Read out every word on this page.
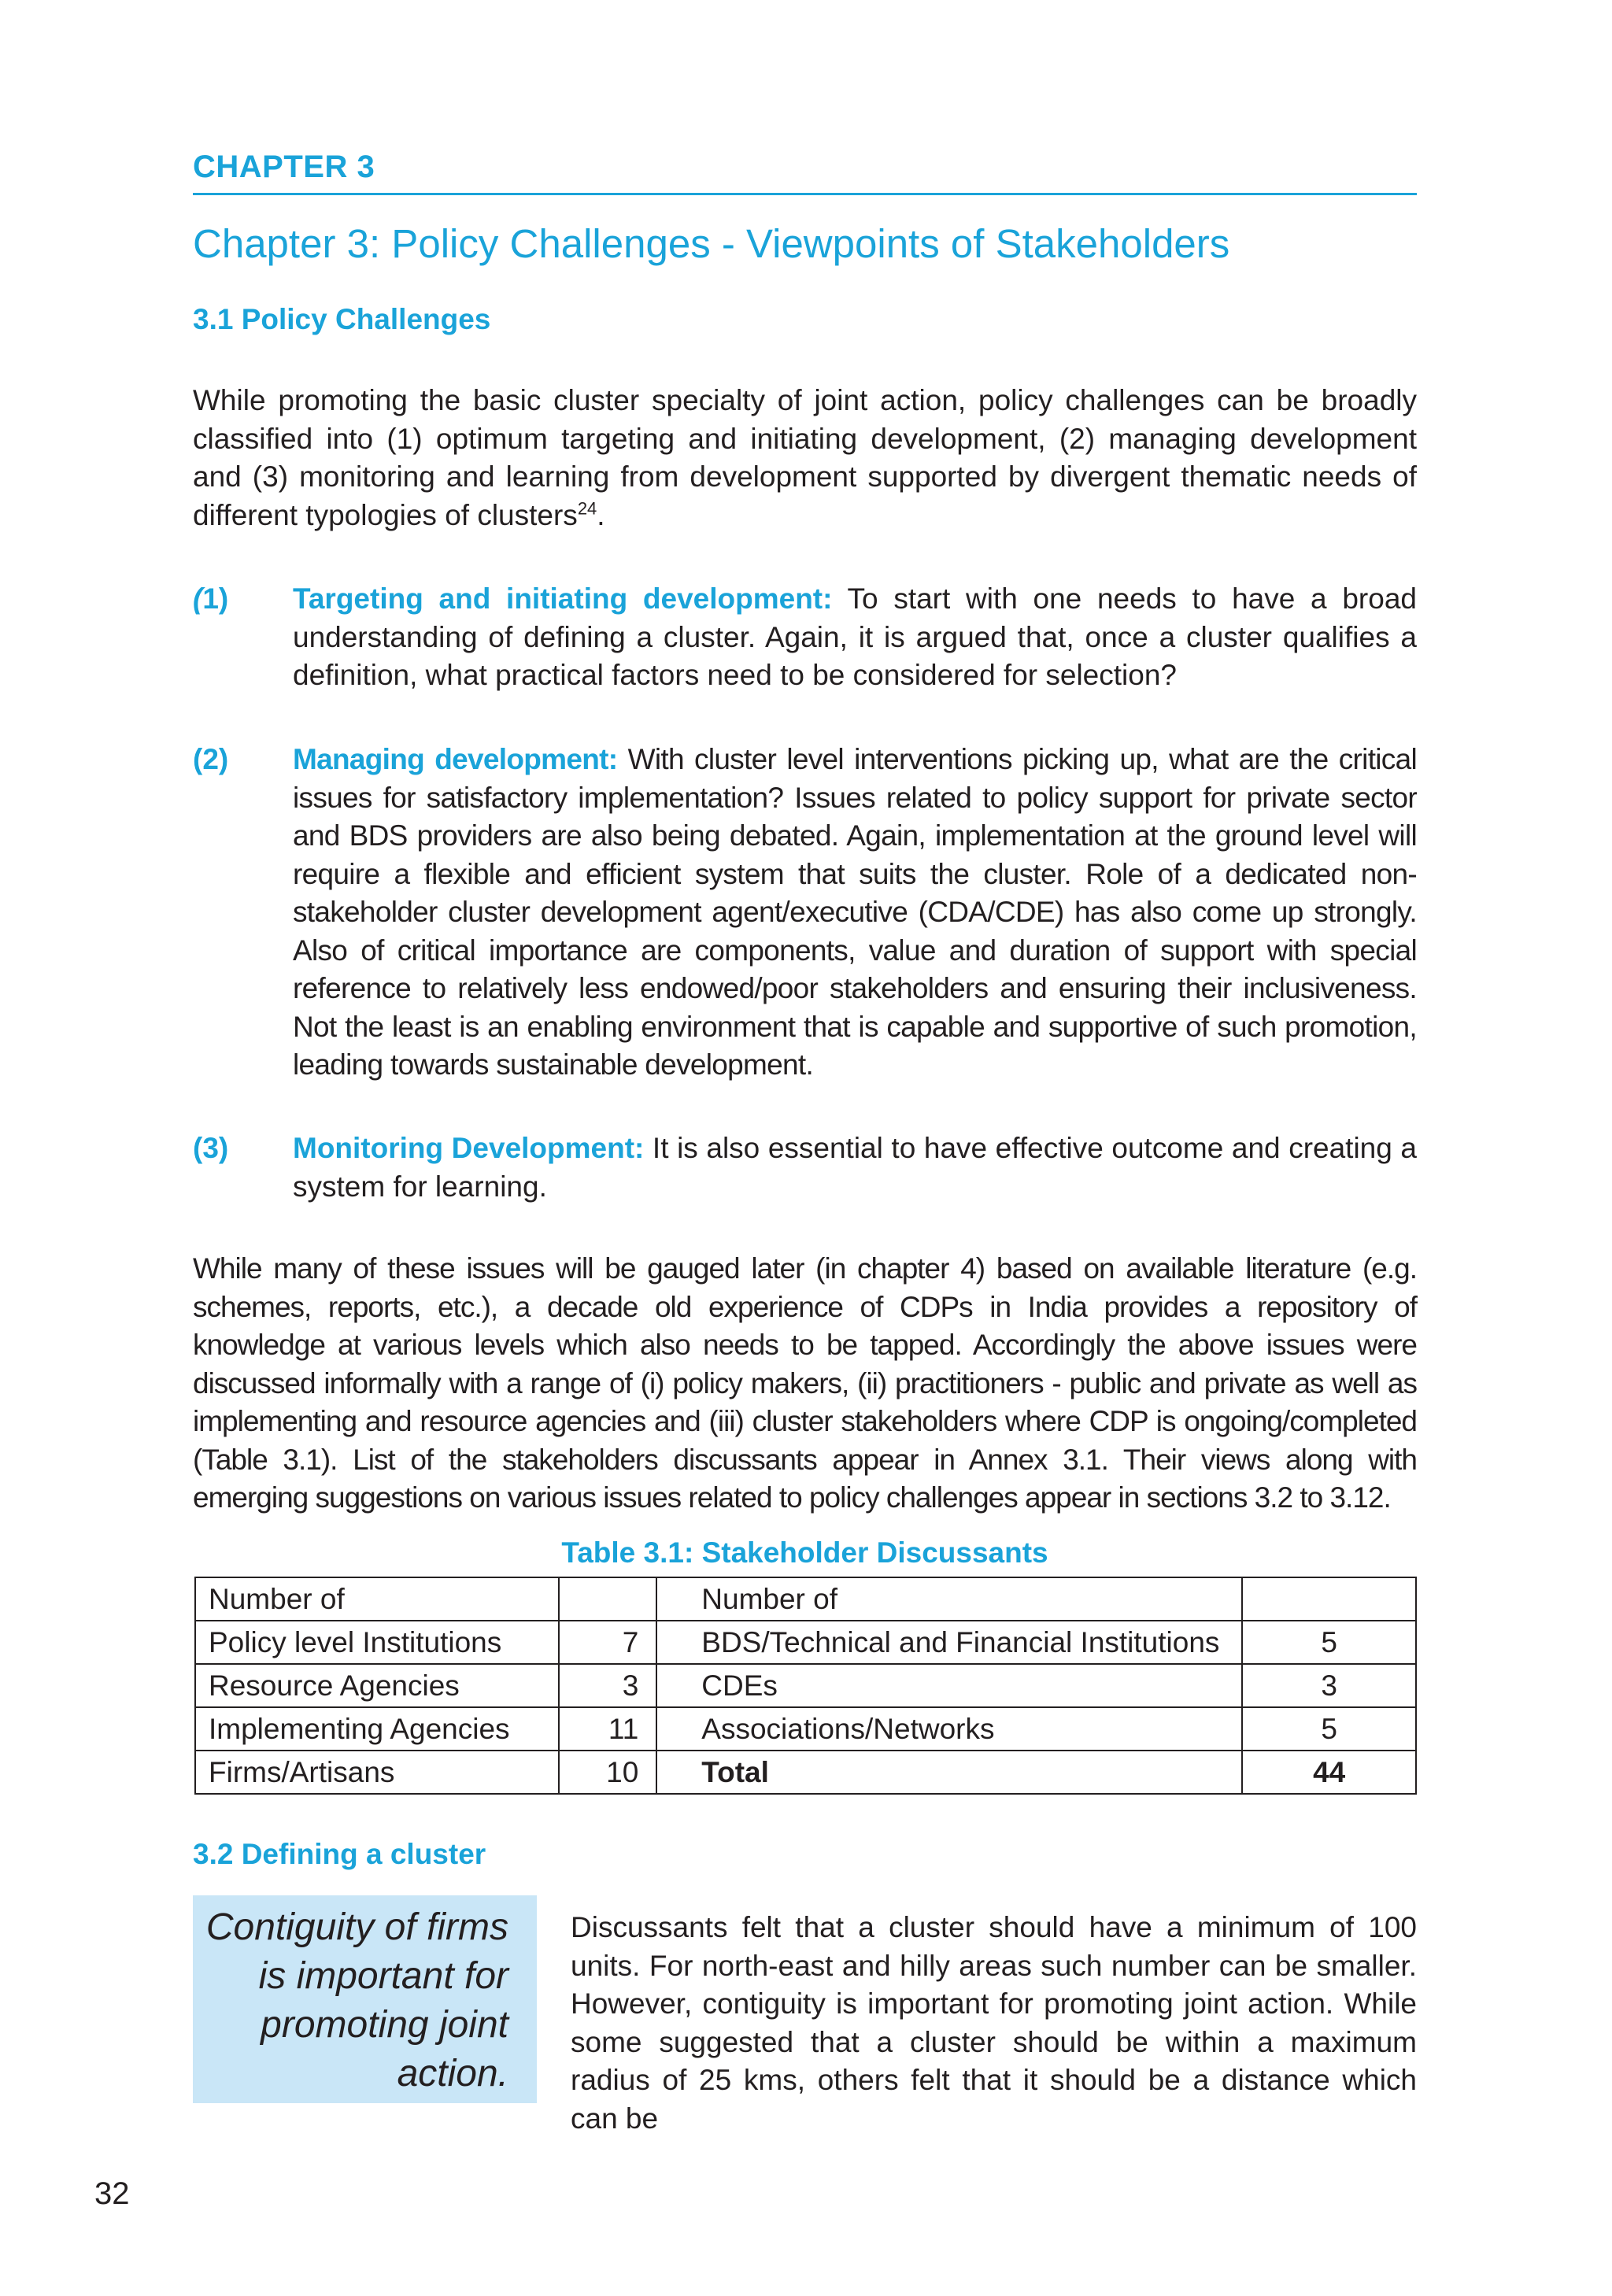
CHAPTER 3
Chapter 3: Policy Challenges - Viewpoints of Stakeholders
3.1 Policy Challenges

While promoting the basic cluster specialty of joint action, policy challenges can be broadly classified into (1) optimum targeting and initiating development, (2) managing development and (3) monitoring and learning from development supported by divergent thematic needs of different typologies of clusters$^{24}$.

(1) Targeting and initiating development: To start with one needs to have a broad understanding of defining a cluster. Again, it is argued that, once a cluster qualifies a definition, what practical factors need to be considered for selection?

(2) Managing development: With cluster level interventions picking up, what are the critical issues for satisfactory implementation? Issues related to policy support for private sector and BDS providers are also being debated. Again, implementation at the ground level will require a flexible and efficient system that suits the cluster. Role of a dedicated non-stakeholder cluster development agent/executive (CDA/CDE) has also come up strongly. Also of critical importance are components, value and duration of support with special reference to relatively less endowed/poor stakeholders and ensuring their inclusiveness. Not the least is an enabling environment that is capable and supportive of such promotion, leading towards sustainable development.

(3) Monitoring Development: It is also essential to have effective outcome and creating a system for learning.

While many of these issues will be gauged later (in chapter 4) based on available literature (e.g. schemes, reports, etc.), a decade old experience of CDPs in India provides a repository of knowledge at various levels which also needs to be tapped. Accordingly the above issues were discussed informally with a range of (i) policy makers, (ii) practitioners - public and private as well as implementing and resource agencies and (iii) cluster stakeholders where CDP is ongoing/completed (Table 3.1). List of the stakeholders discussants appear in Annex 3.1. Their views along with emerging suggestions on various issues related to policy challenges appear in sections 3.2 to 3.12.

Table 3.1: Stakeholder Discussants
Number of		Number of	
Policy level Institutions	7	BDS/Technical and Financial Institutions	5
Resource Agencies	3	CDEs	3
Implementing Agencies	11	Associations/Networks	5
Firms/Artisans	10	Total	44
3.2 Defining a cluster
Contiguity of firms is important for promoting joint action.

Discussants felt that a cluster should have a minimum of 100 units. For north-east and hilly areas such number can be smaller. However, contiguity is important for promoting joint action. While some suggested that a cluster should be within a maximum radius of 25 kms, others felt that it should be a distance which can be

32
